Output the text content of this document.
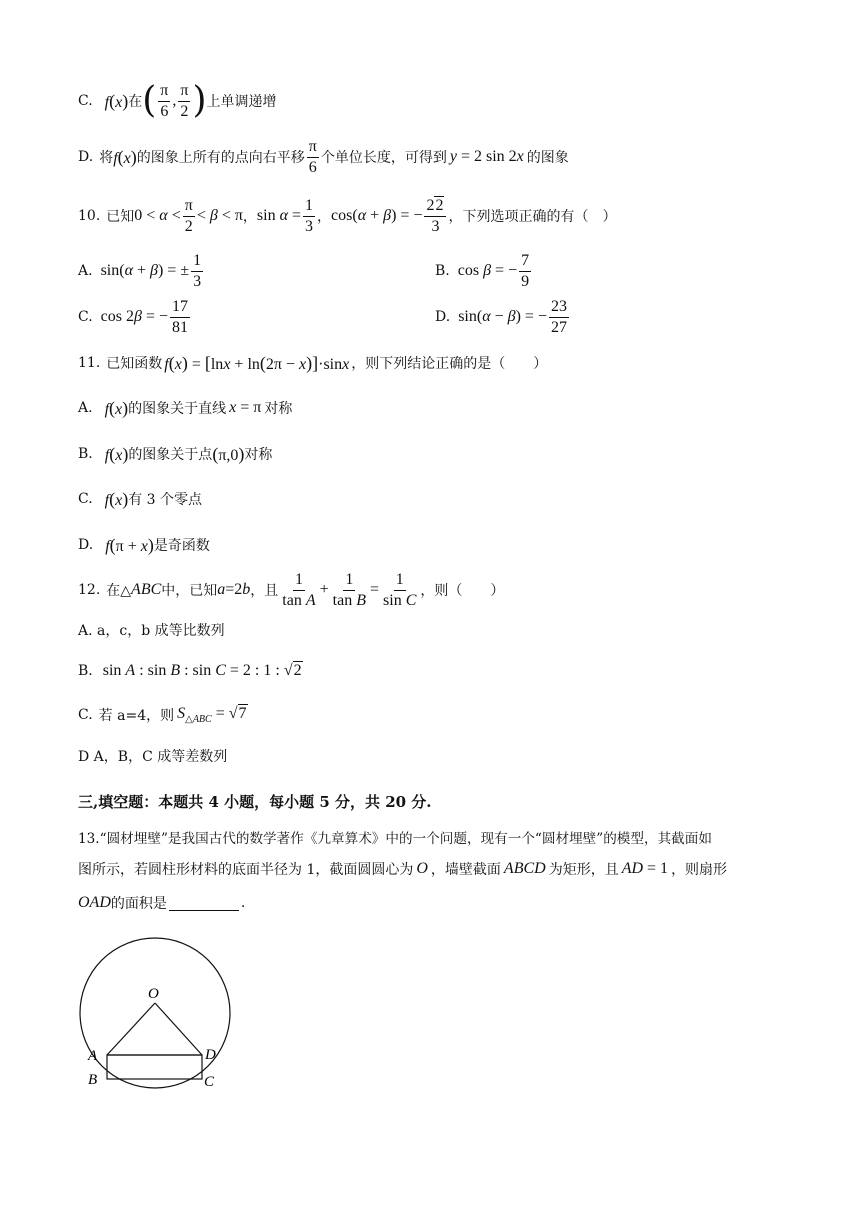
C. f(x) 在 ( $\frac{\pi}{6}$ , $\frac{\pi}{2}$ ) 上单调递增
D. 将 f(x) 的图象上所有的点向右平移 $\frac{\pi}{6}$ 个单位长度，可得到 y = 2 sin 2x 的图象
10. 已知 $0 < \alpha < \frac{\pi}{2} < \beta < \pi$ ， $\sin \alpha = \frac{1}{3}$ ， cos(α + β) = − $\frac{22}{3}$ ，下列选项正确的有（　）
A. sin(α + β) = ± $\frac{1}{3}$	B. cos β = − $\frac{7}{9}$
C. cos 2β = − $\frac{17}{81}$	D. sin(α − β) = − $\frac{23}{27}$
11. 已知函数 f(x) = [lnx + ln(2π − x)]·sinx ，则下列结论正确的是（　　）
A. f(x) 的图象关于直线 x = π 对称
B. f(x) 的图象关于点 (π,0) 对称
C. f(x) 有 3 个零点
D. f(π + x) 是奇函数
12. 在△ ABC 中，已知 a=2b ，且 $\frac{1}{\text{tan A}} + \frac{1}{\text{tan B}} = \frac{1}{\text{sin C}}$ ，则（　　）
A. a，c，b 成等比数列
B. sin A : sin B : sin C = 2 : 1 : √2
C. 若 a=4，则 $S_{\triangle ABC} = √7$
D A，B，C 成等差数列
三,填空题：本题共 4 小题，每小题 5 分，共 20 分.
13.“圆材埋壁”是我国古代的数学著作《九章算术》中的一个问题，现有一个“圆材埋壁”的模型，其截面如
图所示，若圆柱形材料的底面半径为 1，截面圆圆心为 O ，墙壁截面 ABCD 为矩形，且 AD = 1 ，则扇形
OAD 的面积是	.
O
A	D
B	C
